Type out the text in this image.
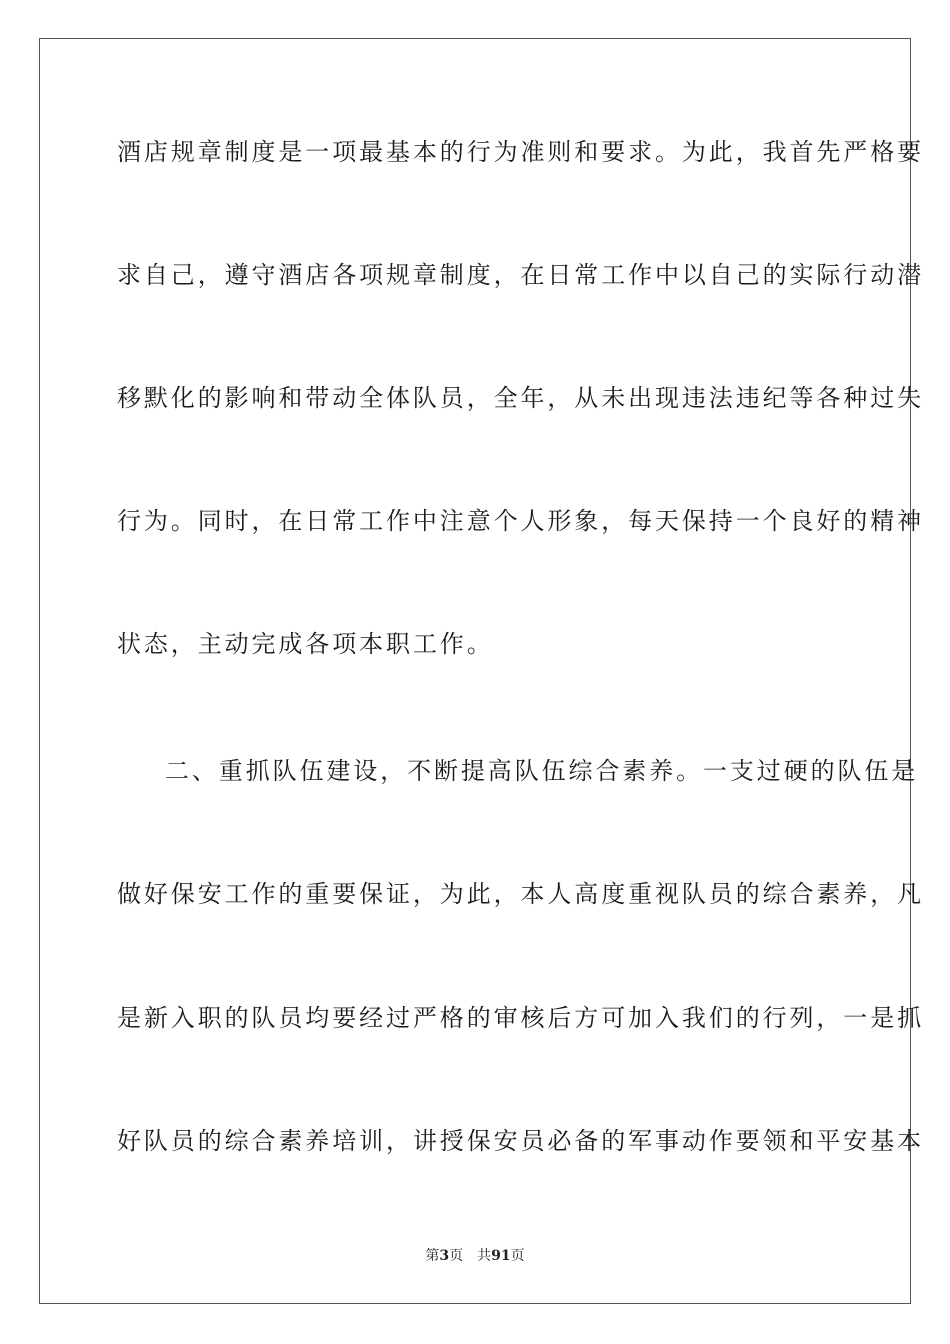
酒店规章制度是一项最基本的行为准则和要求。为此，我首先严格要
求自己，遵守酒店各项规章制度，在日常工作中以自己的实际行动潜
移默化的影响和带动全体队员，全年，从未出现违法违纪等各种过失
行为。同时，在日常工作中注意个人形象，每天保持一个良好的精神
状态，主动完成各项本职工作。
二、重抓队伍建设，不断提高队伍综合素养。一支过硬的队伍是
做好保安工作的重要保证，为此，本人高度重视队员的综合素养，凡
是新入职的队员均要经过严格的审核后方可加入我们的行列，一是抓
好队员的综合素养培训，讲授保安员必备的军事动作要领和平安基本
第3页 共91页
